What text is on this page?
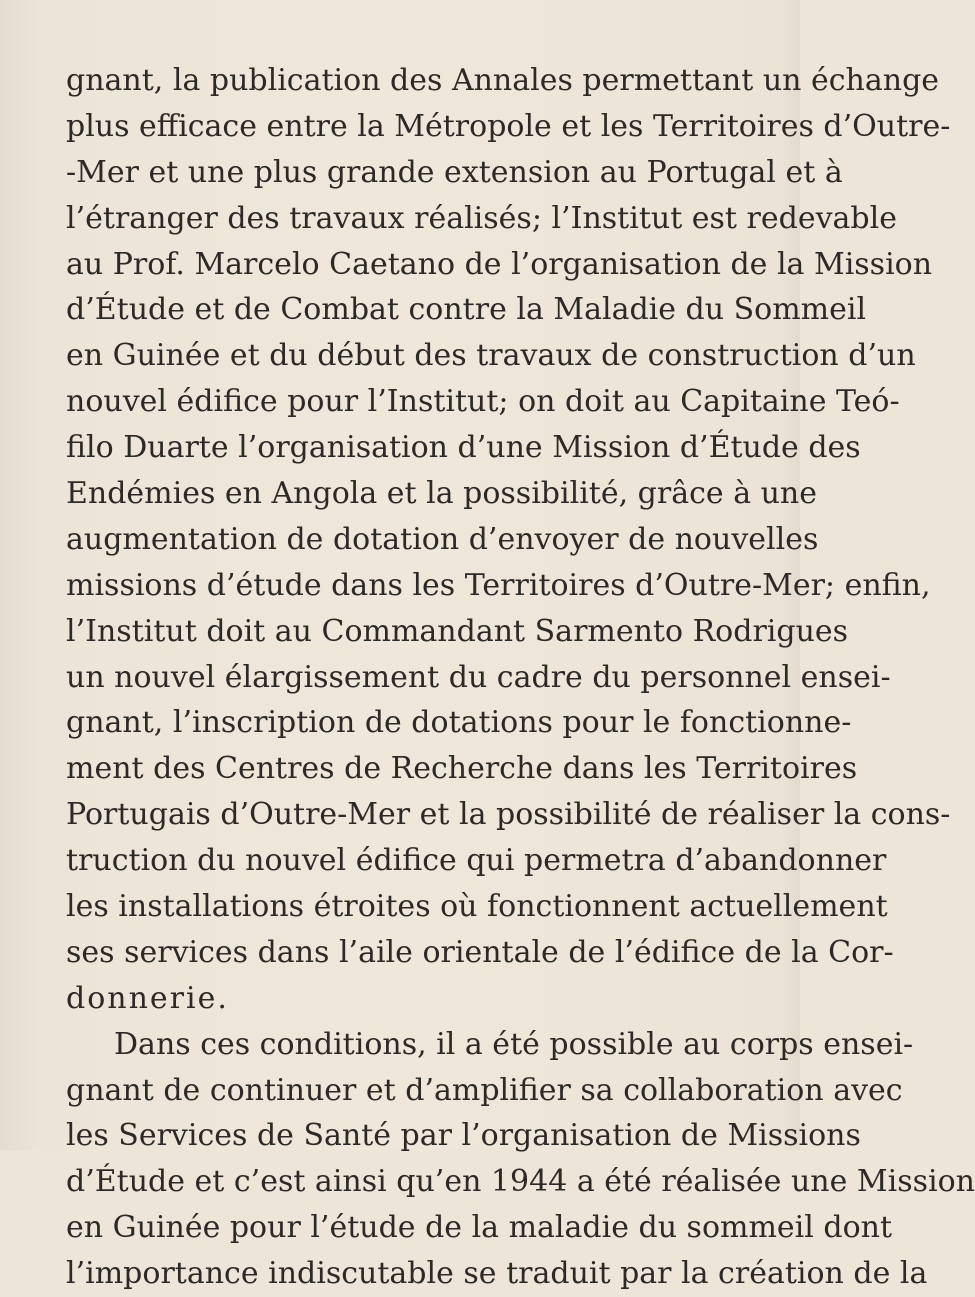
gnant, la publication des Annales permettant un échange
plus efficace entre la Métropole et les Territoires d’Outre-
-Mer et une plus grande extension au Portugal et à
l’étranger des travaux réalisés; l’Institut est redevable
au Prof. Marcelo Caetano de l’organisation de la Mission
d’Étude et de Combat contre la Maladie du Sommeil
en Guinée et du début des travaux de construction d’un
nouvel édifice pour l’Institut; on doit au Capitaine Teó-
filo Duarte l’organisation d’une Mission d’Étude des
Endémies en Angola et la possibilité, grâce à une
augmentation de dotation d’envoyer de nouvelles
missions d’étude dans les Territoires d’Outre-Mer; enfin,
l’Institut doit au Commandant Sarmento Rodrigues
un nouvel élargissement du cadre du personnel ensei-
gnant, l’inscription de dotations pour le fonctionne-
ment des Centres de Recherche dans les Territoires
Portugais d’Outre-Mer et la possibilité de réaliser la cons-
truction du nouvel édifice qui permetra d’abandonner
les installations étroites où fonctionnent actuellement
ses services dans l’aile orientale de l’édifice de la Cor-
donnerie.
Dans ces conditions, il a été possible au corps ensei-
gnant de continuer et d’amplifier sa collaboration avec
les Services de Santé par l’organisation de Missions
d’Étude et c’est ainsi qu’en 1944 a été réalisée une Mission
en Guinée pour l’étude de la maladie du sommeil dont
l’importance indiscutable se traduit par la création de la
